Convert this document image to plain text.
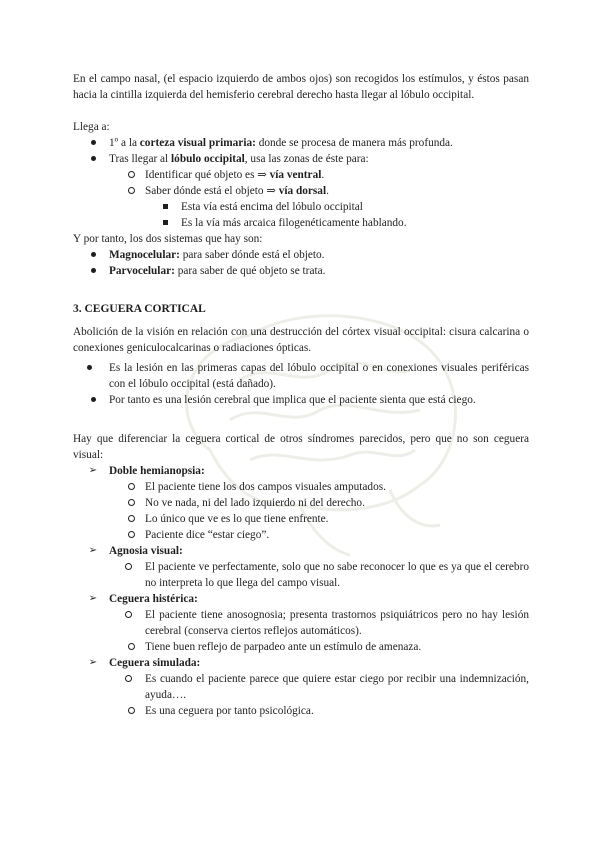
En el campo nasal, (el espacio izquierdo de ambos ojos) son recogidos los estímulos, y éstos pasan hacia la cintilla izquierda del hemisferio cerebral derecho hasta llegar al lóbulo occipital.

Llega a:

1º a la corteza visual primaria: donde se procesa de manera más profunda.
Tras llegar al lóbulo occipital, usa las zonas de éste para:
Identificar qué objeto es ⇒ vía ventral.
Saber dónde está el objeto ⇒ vía dorsal.
Esta vía está encima del lóbulo occipital
Es la vía más arcaica filogenéticamente hablando.

Y por tanto, los dos sistemas que hay son:

Magnocelular: para saber dónde está el objeto.
Parvocelular: para saber de qué objeto se trata.

3. CEGUERA CORTICAL

Abolición de la visión en relación con una destrucción del córtex visual occipital: cisura calcarina o conexiones geniculocalcarinas o radiaciones ópticas.

Es la lesión en las primeras capas del lóbulo occipital o en conexiones visuales periféricas con el lóbulo occipital (está dañado).
Por tanto es una lesión cerebral que implica que el paciente sienta que está ciego.

Hay que diferenciar la ceguera cortical de otros síndromes parecidos, pero que no son ceguera visual:

➢ Doble hemianopsia:
El paciente tiene los dos campos visuales amputados.
No ve nada, ni del lado izquierdo ni del derecho.
Lo único que ve es lo que tiene enfrente.
Paciente dice “estar ciego”.
➢ Agnosia visual:
El paciente ve perfectamente, solo que no sabe reconocer lo que es ya que el cerebro no interpreta lo que llega del campo visual.
➢ Ceguera histérica:
El paciente tiene anosognosia; presenta trastornos psiquiátricos pero no hay lesión cerebral (conserva ciertos reflejos automáticos).
Tiene buen reflejo de parpadeo ante un estímulo de amenaza.
➢ Ceguera simulada:
Es cuando el paciente parece que quiere estar ciego por recibir una indemnización, ayuda….
Es una ceguera por tanto psicológica.
